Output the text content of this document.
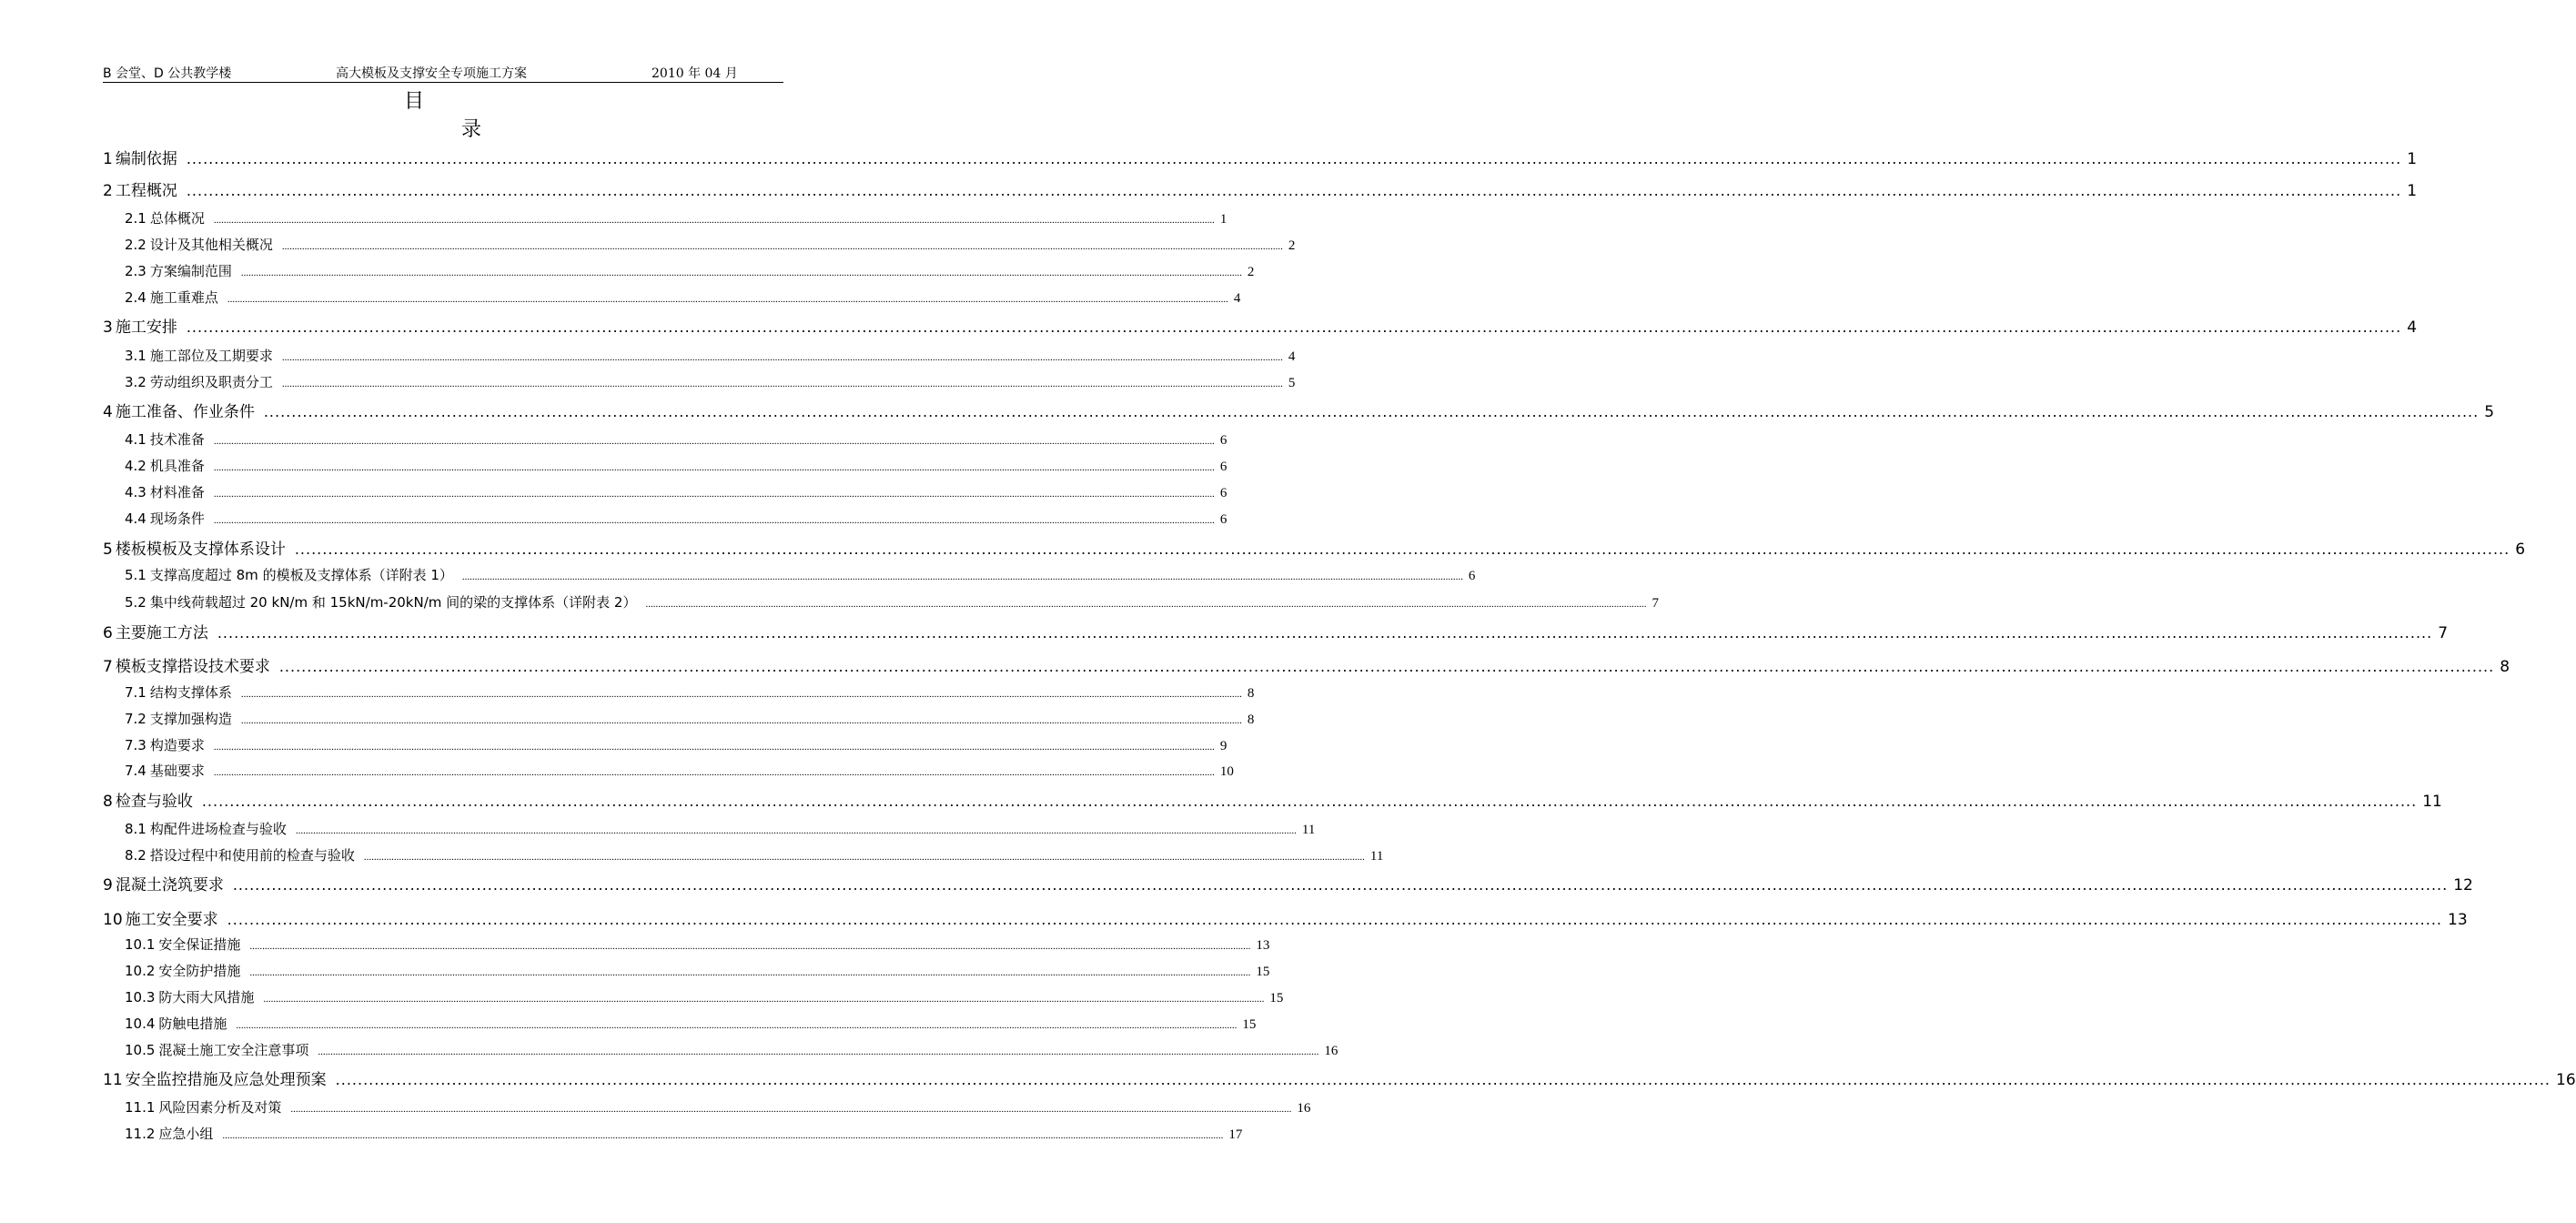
B 会堂、D 公共教学楼	高大模板及支撑安全专项施工方案	2010 年 04 月
目
录
1 编制依据 ................................................................................................................................................................................................................................................................................................................................................................................................................ 1
2 工程概况 ................................................................................................................................................................................................................................................................................................................................................................................................................ 1
2.1 总体概况 ................................................................................................................................................................................................................................................................................................................................................................................................................ 1
2.2 设计及其他相关概况 ................................................................................................................................................................................................................................................................................................................................................................................................................ 2
2.3 方案编制范围 ................................................................................................................................................................................................................................................................................................................................................................................................................ 2
2.4 施工重难点 ................................................................................................................................................................................................................................................................................................................................................................................................................ 4
3 施工安排 ................................................................................................................................................................................................................................................................................................................................................................................................................ 4
3.1 施工部位及工期要求 ................................................................................................................................................................................................................................................................................................................................................................................................................ 4
3.2 劳动组织及职责分工 ................................................................................................................................................................................................................................................................................................................................................................................................................ 5
4 施工准备、作业条件 ................................................................................................................................................................................................................................................................................................................................................................................................................ 5
4.1 技术准备 ................................................................................................................................................................................................................................................................................................................................................................................................................ 6
4.2 机具准备 ................................................................................................................................................................................................................................................................................................................................................................................................................ 6
4.3 材料准备 ................................................................................................................................................................................................................................................................................................................................................................................................................ 6
4.4 现场条件 ................................................................................................................................................................................................................................................................................................................................................................................................................ 6
5 楼板模板及支撑体系设计 ................................................................................................................................................................................................................................................................................................................................................................................................................ 6
5.1 支撑高度超过 8m 的模板及支撑体系（详附表 1） ................................................................................................................................................................................................................................................................................................................................................................................................................ 6
5.2 集中线荷载超过 20 kN/m 和 15kN/m-20kN/m 间的梁的支撑体系（详附表 2） ................................................................................................................................................................................................................................................................................................................................................................................................................ 7
6 主要施工方法 ................................................................................................................................................................................................................................................................................................................................................................................................................ 7
7 模板支撑搭设技术要求 ................................................................................................................................................................................................................................................................................................................................................................................................................ 8
7.1 结构支撑体系 ................................................................................................................................................................................................................................................................................................................................................................................................................ 8
7.2 支撑加强构造 ................................................................................................................................................................................................................................................................................................................................................................................................................ 8
7.3 构造要求 ................................................................................................................................................................................................................................................................................................................................................................................................................ 9
7.4 基础要求 ................................................................................................................................................................................................................................................................................................................................................................................................................ 10
8 检查与验收 ................................................................................................................................................................................................................................................................................................................................................................................................................ 11
8.1 构配件进场检查与验收 ................................................................................................................................................................................................................................................................................................................................................................................................................ 11
8.2 搭设过程中和使用前的检查与验收 ................................................................................................................................................................................................................................................................................................................................................................................................................ 11
9 混凝土浇筑要求 ................................................................................................................................................................................................................................................................................................................................................................................................................ 12
10 施工安全要求 ................................................................................................................................................................................................................................................................................................................................................................................................................ 13
10.1 安全保证措施 ................................................................................................................................................................................................................................................................................................................................................................................................................ 13
10.2 安全防护措施 ................................................................................................................................................................................................................................................................................................................................................................................................................ 15
10.3 防大雨大风措施 ................................................................................................................................................................................................................................................................................................................................................................................................................ 15
10.4 防触电措施 ................................................................................................................................................................................................................................................................................................................................................................................................................ 15
10.5 混凝土施工安全注意事项 ................................................................................................................................................................................................................................................................................................................................................................................................................ 16
11 安全监控措施及应急处理预案 ................................................................................................................................................................................................................................................................................................................................................................................................................ 16
11.1 风险因素分析及对策 ................................................................................................................................................................................................................................................................................................................................................................................................................ 16
11.2 应急小组 ................................................................................................................................................................................................................................................................................................................................................................................................................ 17
